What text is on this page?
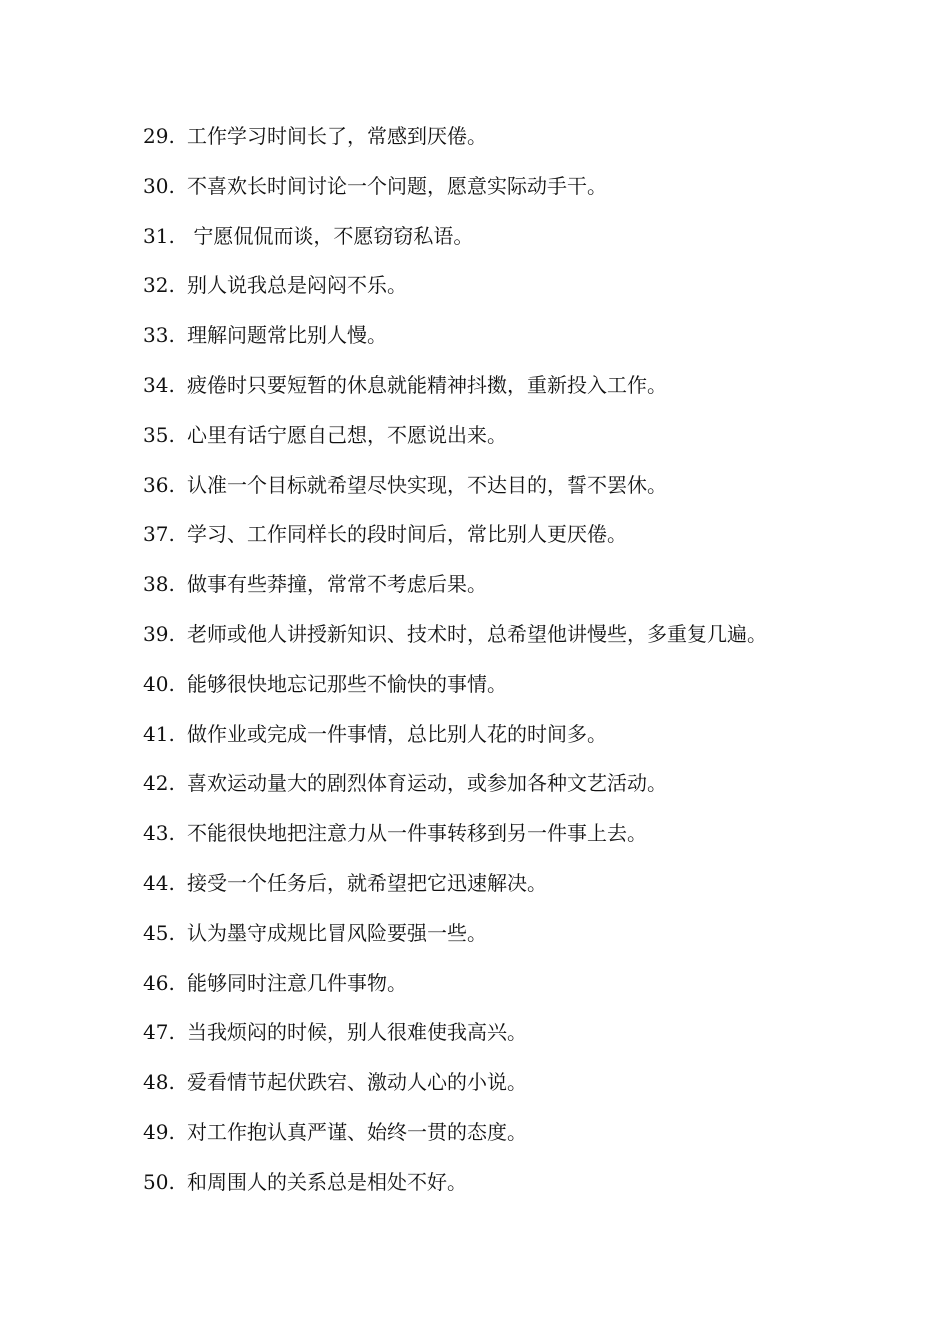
29. 工作学习时间长了，常感到厌倦。
30. 不喜欢长时间讨论一个问题，愿意实际动手干。
31. 宁愿侃侃而谈，不愿窃窃私语。
32. 别人说我总是闷闷不乐。
33. 理解问题常比别人慢。
34. 疲倦时只要短暂的休息就能精神抖擞，重新投入工作。
35. 心里有话宁愿自己想，不愿说出来。
36. 认准一个目标就希望尽快实现，不达目的，誓不罢休。
37. 学习、工作同样长的段时间后，常比别人更厌倦。
38. 做事有些莽撞，常常不考虑后果。
39. 老师或他人讲授新知识、技术时，总希望他讲慢些，多重复几遍。
40. 能够很快地忘记那些不愉快的事情。
41. 做作业或完成一件事情，总比别人花的时间多。
42. 喜欢运动量大的剧烈体育运动，或参加各种文艺活动。
43. 不能很快地把注意力从一件事转移到另一件事上去。
44. 接受一个任务后，就希望把它迅速解决。
45. 认为墨守成规比冒风险要强一些。
46. 能够同时注意几件事物。
47. 当我烦闷的时候，别人很难使我高兴。
48. 爱看情节起伏跌宕、激动人心的小说。
49. 对工作抱认真严谨、始终一贯的态度。
50. 和周围人的关系总是相处不好。
